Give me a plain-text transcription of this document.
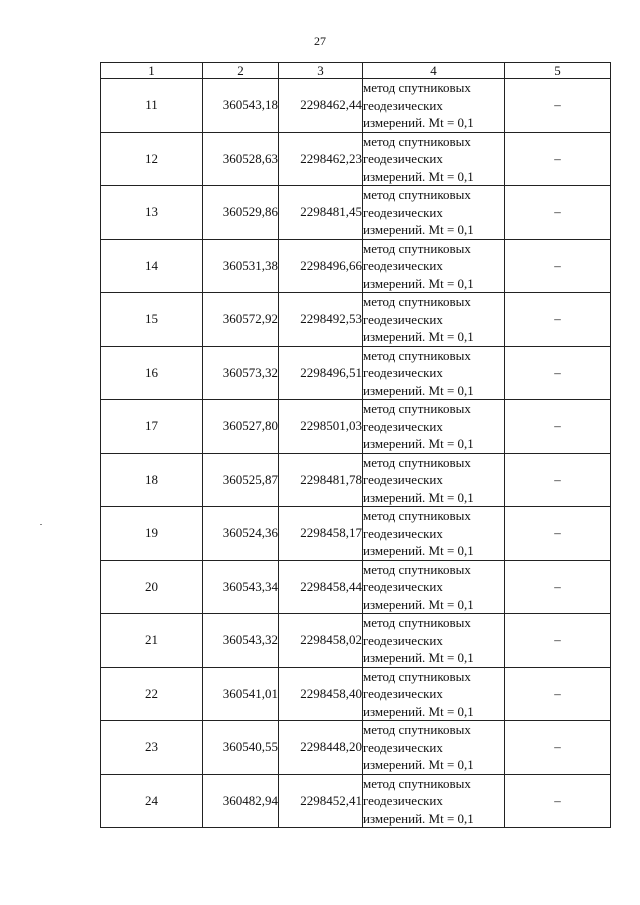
27
1	2	3	4	5
11	360543,18	2298462,44	метод спутниковых
геодезических
измерений. Mt = 0,1	–
12	360528,63	2298462,23	метод спутниковых
геодезических
измерений. Mt = 0,1	–
13	360529,86	2298481,45	метод спутниковых
геодезических
измерений. Mt = 0,1	–
14	360531,38	2298496,66	метод спутниковых
геодезических
измерений. Mt = 0,1	–
15	360572,92	2298492,53	метод спутниковых
геодезических
измерений. Mt = 0,1	–
16	360573,32	2298496,51	метод спутниковых
геодезических
измерений. Mt = 0,1	–
17	360527,80	2298501,03	метод спутниковых
геодезических
измерений. Mt = 0,1	–
18	360525,87	2298481,78	метод спутниковых
геодезических
измерений. Mt = 0,1	–
19	360524,36	2298458,17	метод спутниковых
геодезических
измерений. Mt = 0,1	–
20	360543,34	2298458,44	метод спутниковых
геодезических
измерений. Mt = 0,1	–
21	360543,32	2298458,02	метод спутниковых
геодезических
измерений. Mt = 0,1	–
22	360541,01	2298458,40	метод спутниковых
геодезических
измерений. Mt = 0,1	–
23	360540,55	2298448,20	метод спутниковых
геодезических
измерений. Mt = 0,1	–
24	360482,94	2298452,41	метод спутниковых
геодезических
измерений. Mt = 0,1	–
